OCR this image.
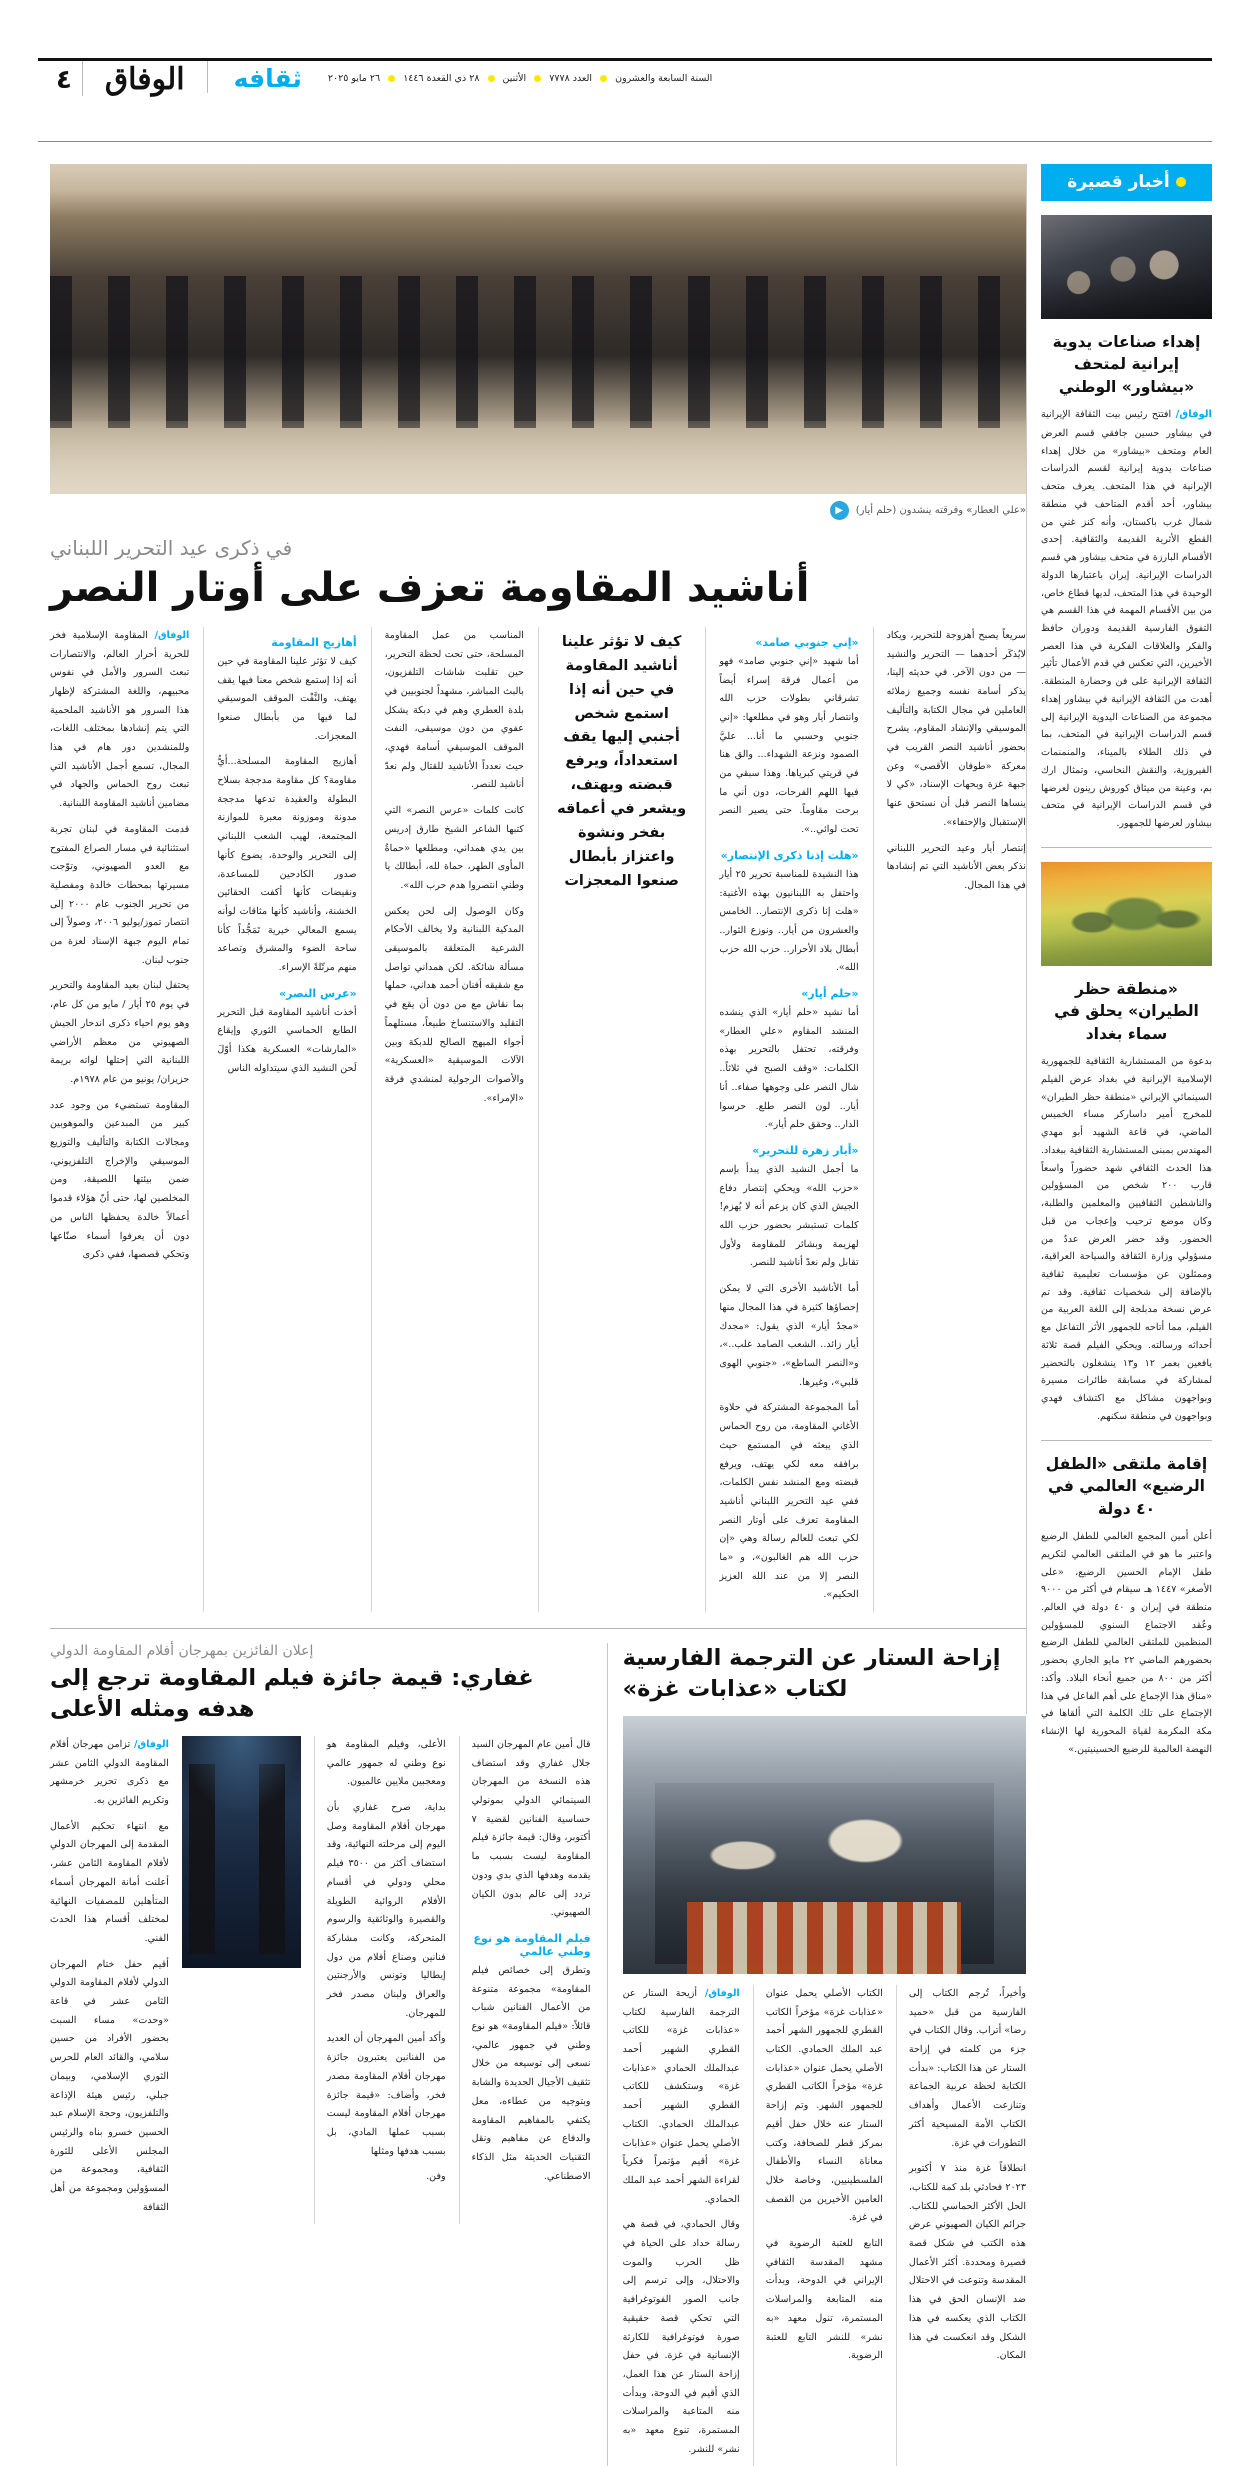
٤	الوفاق	ثقافه	السنة السابعة والعشرون  العدد ٧٧٧٨  الأثنين  ٢٨ ذي القعدة ١٤٤٦  ٢٦ مايو ٢٠٢٥
▶	«علي العطار» وفرقته ينشدون (حلم أيار)
في ذكرى عيد التحرير اللبناني
أناشيد المقاومة تعزف على أوتار النصر

الوفاق/ المقاومة الإسلامية فخر للحرية أحرار العالم، والانتصارات تبعث السرور والأمل في نفوس محبيهم، واللغة المشتركة لإظهار هذا السرور هو الأناشيد الملحمية التي يتم إنشادها بمختلف اللغات، وللمنشدين دور هام في هذا المجال، تسمع أجمل الأناشيد التي تبعث روح الحماس والجهاد في مضامين أناشيد المقاومة اللبنانية.

قدمت المقاومة في لبنان تجربة استثنائية في مسار الصراع المفتوح مع العدو الصهيوني، وتوّجت مسيرتها بمحطات خالدة ومفصلية من تحرير الجنوب عام ٢٠٠٠ إلى انتصار تموز/يوليو ٢٠٠٦، وصولاً إلى تمام اليوم جبهة الإسناد لعزة من جنوب لبنان.

يحتفل لبنان بعيد المقاومة والتحرير في يوم ٢٥ أيار / مايو من كل عام، وهو يوم احياء ذكرى اندحار الجيش الصهيوني من معظم الأراضي اللبنانية التي إحتلها لواته بريمة حزيران/ يونيو من عام ١٩٧٨م.

المقاومة تستضيء من وجود عدد كبير من المبدعين والموهوبين ومجالات الكتابة والتأليف والتوزيع الموسيقي والإخراج التلفزيوني، ضمن بيئتها اللصيقة، ومن المخلصين لها، حتى أنّ هؤلاء قدموا أعمالاً خالدة يحفظها الناس من دون أن يعرفوا أسماء صنّاعها وتحكي قصصها، ففي ذكرى

أهازيج المقاومة

كيف لا تؤثر علينا المقاومة في حين أنه إذا إستمع شخص معنا فيها يقف يهتف، والنَّفْت الموقف الموسيقي لما فيها من بأبطال صنعوا المعجزات.

أهازيج المقاومة المسلحة...أيُّ مقاومة؟ كل مقاومة مدججة بسلاح البطولة والعقيدة تدعها مدججة مدونة وموزونة معبرة للموازنة المجتمعة، لهيب الشعب اللبناني إلى التحرير والوحدة، يضوع كأنها صدور الكادحين للمساعدة، ونقيضات كأنها أكفت الحقائين الخشنة، وأناشيد كأنها مثاقات لوأنه يسمع المعالي خيرية تَمَجُّداً كأنا ساحة الضوء والمشرق وتصاعد منهم مرتّلةً الإسراء.

«عرس النصر»

أخذت أناشيد المقاومة قبل التحرير الطابع الحماسي الثوري وإيقاع «المارشات» العسكرية هكذا أوّلَ لَحن النشيد الذي سيتداوله الناس

المناسب من عمل المقاومة المسلحة، حتى تحت لحظة التحرير، حين تقلبت شاشات التلفزيون، بالبث المباشر، مشهداً لجنوبيين في بلدة العطري وهم في دبكة يشكل عفوي من دون موسيقى، النفت الموقف الموسيقي أسامة فهدي، حيث نعدداً الأناشيد للقتال ولم نعدّ أناشيد للنصر.

كانت كلمات «عرس النصر» التي كتبها الشاعر الشيخ طارق إدريس بين يدي همداني، ومطلعها «حماةُ المأوى الطهر، حماة لله، أبطالك يا وطني انتصروا هدم حرب الله».

وكان الوصول إلى لحن يعكس المدكية اللبنانية ولا يخالف الأحكام الشرعية المتعلقة بالموسيقى مسألة شائكة. لكن همداني تواصل مع شقيقه أفنان أحمد هداني، حملها بما نقاش مع من دون أن يقع في التقليد والاستنساخ طبيعاً، مستلهماً أجواء الميهج الصالح للدبكة وبين الآلات الموسيقية «العسكرية» والأصوات الرجولية لمنشدي فرقة «الإمراء».

كيف لا تؤثر علينا أناشيد المقاومة في حين أنه إذا استمع شخص أجنبي إليها يقف استعداداً، ويرفع قبضته ويهتف، ويشعر في أعماقه بفخر ونشوة واعتزاز بأبطال صنعوا المعجزات
«إني جنوبي صامد»

أما شهيد «إني جنوبي صامد» فهو من أعمال فرقة إسراء أيضاً تشرقاني بطولات حزب الله وانتصار أيار وهو في مطلعها: «إني جنوبي وحسبي ما أنا... عليَّ الصمود ونزعة الشهداء... والق هنا في قريتي كبرياها. وهذا سبقي من فيها اللهم الفرحات، دون أني ما برحت مقاوماً. حتى يصير النصر تحت لوائي..».

«هلت إذنا ذكرى الإنتصار»

هذا النشيدة للمناسبة تحرير ٢٥ أيار واحتفل به اللبنانيون بهذه الأغنية: «هلت إنا ذكرى الإنتصار.. الخامس والعشرون من أيار.. ونوزع الثوار.. أبطال بلاد الأحرار.. حزب الله حزب الله».

«حلم أيار»

أما نشيد «حلم أيار» الذي ينشده المنشد المقاوم «علي العطار» وفرقته، تحتفل بالتحرير بهذه الكلمات: «وقف الصبح في ثلاثاً.. شال النصر على وجوهها صفاء.. أنا أيار.. لون النصر طلع. حرسوا الدار.. وحقق حلم أيار».

«أيار زهرة للتحرير»

ما أجمل النشيد الذي يبدأ بإسم «حزب الله» ويحكي إنتصار دفاع الجيش الذي كان يزعم أنه لا يُهزم! كلمات تستبشر بحضور حزب الله لهزيمة وبشائر للمقاومة ولأول تقابل ولم نعدّ أناشيد للنصر.

أما الأناشيد الأخرى التي لا يمكن إحصاؤها كثيرة في هذا المجال منها «مجدٌ أيار» الذي يقول: «مجدك أيار زائد.. الشعب الصامد غلب..»، و«النصر الساطع»، «جنوبي الهوى قلبي»، وغيرها.

أما المجموعة المشتركة في حلاوة الأغاني المقاومة، من روح الحماس الذي يبعثه في المستمع حيث برافقه معه لكي يهتف، ويرفع قبضته ومع المنشد نفس الكلمات، ففي عيد التحرير اللبناني أناشيد المقاومة تعزف على أوتار النصر لكي تبعث للعالم رسالة وهي «إن حزب الله هم الغالبون»، و «ما النصر إلا من عند الله العزيز الحكيم».

سريعاً يصبح أهزوجة للتحرير، ويكاد لايُذكَر أحدهما — التحرير والنشيد — من دون الآخر. في حديثه إلينا، يذكر أسامة نفسه وجميع زملائه العاملين في مجال الكتابة والتأليف الموسيقي والإنشاد المقاوم، يشرح بحضور أناشيد النصر القريب في معركة «طوفان الأقصى» وعن جبهة غزة وبحهات الإسناد، «كي لا ينساها النصر قبل أن نستحق عنها الإستقبال والإحتفاء».

إنتصار أيار وعيد التحرير اللبناني نذكر بعض الأناشيد التي تم إنشادها في هذا المجال.

إعلان الفائزين بمهرجان أفلام المقاومة الدولي
غفاري: قيمة جائزة فيلم المقاومة ترجع إلى هدفه ومثله الأعلى

الوفاق/ تزامن مهرجان أفلام المقاومة الدولي الثامن عشر مع ذكرى تحرير خرمشهر وتكريم الفائزين به.

مع انتهاء تحكيم الأعمال المقدمة إلى المهرجان الدولي لأفلام المقاومة الثامن عشر، أعلنت أمانة المهرجان أسماء المتأهلين للمصفيات النهائية لمختلف أقسام هذا الحدث الفني.

أقيم حفل ختام المهرجان الدولي لأفلام المقاومة الدولي الثامن عشر في قاعة «وحدت» مساء السبت بحضور الأفراد من حسين سلامي، والقائد العام للحرس الثوري الإسلامي، وبيمان جبلي، رئيس هيئة الإذاعة والتلفزيون، وحجة الإسلام عبد الحسين خسرو بناه والرئيس المجلس الأعلى للثورة الثقافية، ومجموعة من المسؤولين ومجموعة من أهل الثقافة

الأعلى، وفيلم المقاومة هو نوع وطني له جمهور عالمي ومعجبين ملايين عالميون.

بداية، صرح غفاري بأن مهرجان أفلام المقاومة وصل اليوم إلى مرحلته النهائية، وقد استضاف أكثر من ٣٥٠٠ فيلم محلي ودولي في أقسام الأفلام الروائية الطويلة والقصيرة والوثائقية والرسوم المتحركة، وكانت مشاركة فنانين وصناع أفلام من دول إيطاليا وتونس والأرجنتين والعراق ولبنان مصدر فخر للمهرجان.

وأكد أمين المهرجان أن العديد من الفنانين يعتبرون جائزة مهرجان أفلام المقاومة مصدر فخر، وأضاف: «قيمة جائزة مهرجان أفلام المقاومة ليست بسبب عملها المادي، بل بسبب هدفها ومثلها

وفن.

قال أمين عام المهرجان السيد جلال غفاري وقد استضاف هذه النسخة من المهرجان السينمائي الدولي بمونولي حساسية الفنانين لقضية ٧ أكتوبر، وقال: قيمة جائزة فيلم المقاومة ليست بسبب ما يقدمه وهدفها الذي بدي ودون تردد إلى عالم بدون الكيان الصهيوني.

فيلم المقاومة هو نوع وطني عالمي

وتطرق إلى خصائص فيلم المقاومة» مجموعة متنوعة من الأعمال الفنانين شباب قائلاً: «فيلم المقاومة» هو نوع وطني في جمهور عالمي، نسعى إلى توسيعه من خلال تثقيف الأجيال الجديدة والشابة وبتوجيه من عطاءه، معل يكتفي بالمفاهيم المقاومة والدفاع عن مفاهيم ونقل التقنيات الحديثة مثل الذكاء الاصطناعي.

إزاحة الستار عن الترجمة الفارسية لكتاب «عذابات غزة»

الوفاق/ أزيحة الستار عن الترجمة الفارسية لكتاب «عذابات غزة» للكاتب القطري الشهير أحمد عبدالملك الحمادي «عذابات غزة» وستكشف للكاتب القطري الشهير أحمد عبدالملك الحمادي. الكتاب الأصلي يحمل عنوان «عذابات غزة» أقيم مؤتمراً فكرياً لقراءة الشهر أحمد عبد الملك الحمادي.

وقال الحمادي، في قصة هي رسالة حداد على الحياة في ظل الحرب والموت والاحتلال، وإلى ترسم إلى جانب الصور الفوتوغرافية التي تحكي قصة حقيقية صورة فوتوغرافية للكارثة الإنسانية في غزة. في حفل إزاحة الستار عن هذا العمل، الذي أقيم في الدوحة، وبدأت منه المتاعبة والمراسلات المستمرة، تنوع معهد «به نشر» للنشر.

الكتاب الأصلي يحمل عنوان «عذابات غزة» مؤخراً الكاتب القطري للجمهور الشهر أحمد عبد الملك الحمادي. الكتاب الأصلي يحمل عنوان «عذابات غزة» مؤخراً الكاتب القطري للجمهور الشهر. وتم إزاحة الستار عنه خلال حفل أقيم بمركز قطر للصحافة، وكتب معاناة النساء والأطفال الفلسطينيين، وخاصة خلال العامين الأخيرين من القصف في غزة.

التابع للعتبة الرضوية في مشهد المقدسة الثقافي الإيراني في الدوحة، وبدأت منه المتابعة والمراسلات المستمرة، تنول معهد «به نشر» للنشر التابع للعتبة الرضوية.

وأخيراً، تُرجم الكتاب إلى الفارسية من قبل «حميد رضا» أتراب. وقال الكتاب في جزء من كلمته في إزاحة الستار عن هذا الكتاب: «بدأت الكتابة لحظة عربية الجماعة وتنازعت الأعمال وأهداف الكتاب الأمة المسيحية أكثر التطورات في غزة.

انطلاقاً غزة منذ ٧ أكتوبر ٢٠٢٣ فحادثي بلد كمة للكتاب، الحل الأكثر الحماسي للكتاب. جرائم الكيان الصهيوني عرض هذه الكتب في شكل قصة قصيرة ومحددة. أكثر الأعمال المقدسة وتنوعت في الاحتلال ضد الإنسان الحق في هذا الكتاب الذي يعكسه في هذا الشكل وقد انعكست في هذا المكان.

أخبار قصيرة
إهداء صناعات يدوية إيرانية لمتحف «بيشاور» الوطني

الوفاق/ افتتح رئيس بيت الثقافة الإيرانية في بيشاور حسين جافقي قسم العرض العام ومتحف «بيشاور» من خلال إهداء صناعات يدوية إيرانية لقسم الدراسات الإيرانية في هذا المتحف. يعرف متحف بيشاور، أحد أقدم المتاحف في منطقة شمال غرب باكستان، وأنه كنز غني من القطع الأثرية القديمة والثقافية. إحدى الأقسام البارزة في متحف بيشاور هي قسم الدراسات الإيرانية. إيران باعتبارها الدولة الوحيدة في هذا المتحف، لديها قطاع خاص، من بين الأقسام المهمة في هذا القسم هي التفوق الفارسية القديمة ودوران حافظ والفكر والعلاقات الفكرية في هذا العصر الأخيرين، التي تعكس في قدم الأعمال تأثير الثقافة الإيرانية على فن وحضارة المنطقة. أهدت من الثقافة الإيرانية في بيشاور إهداء مجموعة من الصناعات اليدوية الإيرانية إلى قسم الدراسات الإيرانية في المتحف، بما في ذلك الطلاء بالميناء، والمنمنمات الفيروزية، والنقش النحاسي، وتمثال ارك بم، وعينة من ميثاق كوروش رينون لعرضها في قسم الدراسات الإيرانية في متحف بيشاور لعرضها للجمهور.

«منطقة حظر الطيران» يحلق في سماء بغداد

بدعوة من المستشارية الثقافية للجمهورية الإسلامية الإيرانية في بغداد عرض الفيلم السينمائي الإيراني «منطقة حظر الطيران» للمخرج أمير داساركر مساء الخميس الماضي، في قاعة الشهيد أبو مهدي المهندس بمبنى المستشارية الثقافية ببغداد. هذا الحدث الثقافي شهد حضوراً واسعاً قارب ٢٠٠ شخص من المسؤولين والناشطين الثقافيين والمعلمين والطلبة، وكان موضع ترحيب وإعجاب من قبل الحضور. وقد حضر العرض عددٌ من مسؤولي وزارة الثقافة والسياحة العراقية، وممثلون عن مؤسسات تعليمية ثقافية بالإضافة إلى شخصيات ثقافية. وقد تم عرض نسخة مدبلجة إلى اللغة العربية من الفيلم، مما أتاحه للجمهور الأثر التفاعل مع أحداثه ورسالته. ويحكي الفيلم قصة ثلاثة يافعين بعمر ١٢ و١٣ ينشغلون بالتحضير لمشاركة في مسابقة طائرات مسيرة وبواجهون مشاكل مع اكتشاف فهدي وبواجهون في منطقة سكنهم.

إقامة ملتقى «الطفل الرضيع» العالمي في ٤٠ دولة

أعلن أمين المجمع العالمي للطفل الرضيع واعتبر ما هو في الملتقى العالمي لتكريم طفل الإمام الحسين الرضيع، «على الأصغر» ١٤٤٧ هـ سيقام في أكثر من ٩٠٠٠ منطقة في إيران و ٤٠ دولة في العالم. وعُقد الاجتماع السنوي للمسؤولين المنظمين للملتقى العالمي للطفل الرضيع بحضورهم الماضي ٢٢ مايو الجاري بحضور أكثر من ٨٠٠ من جميع أنحاء البلاد. وأكد: «مناق هذا الإجماع على أهم الفاعل في هذا الإجتماع على تلك الكلمة التي ألقاها في مكة المكرمة لقياة المحورية لها الإنشاء النهضة العالمية للرضيع الحسينيتين.»
